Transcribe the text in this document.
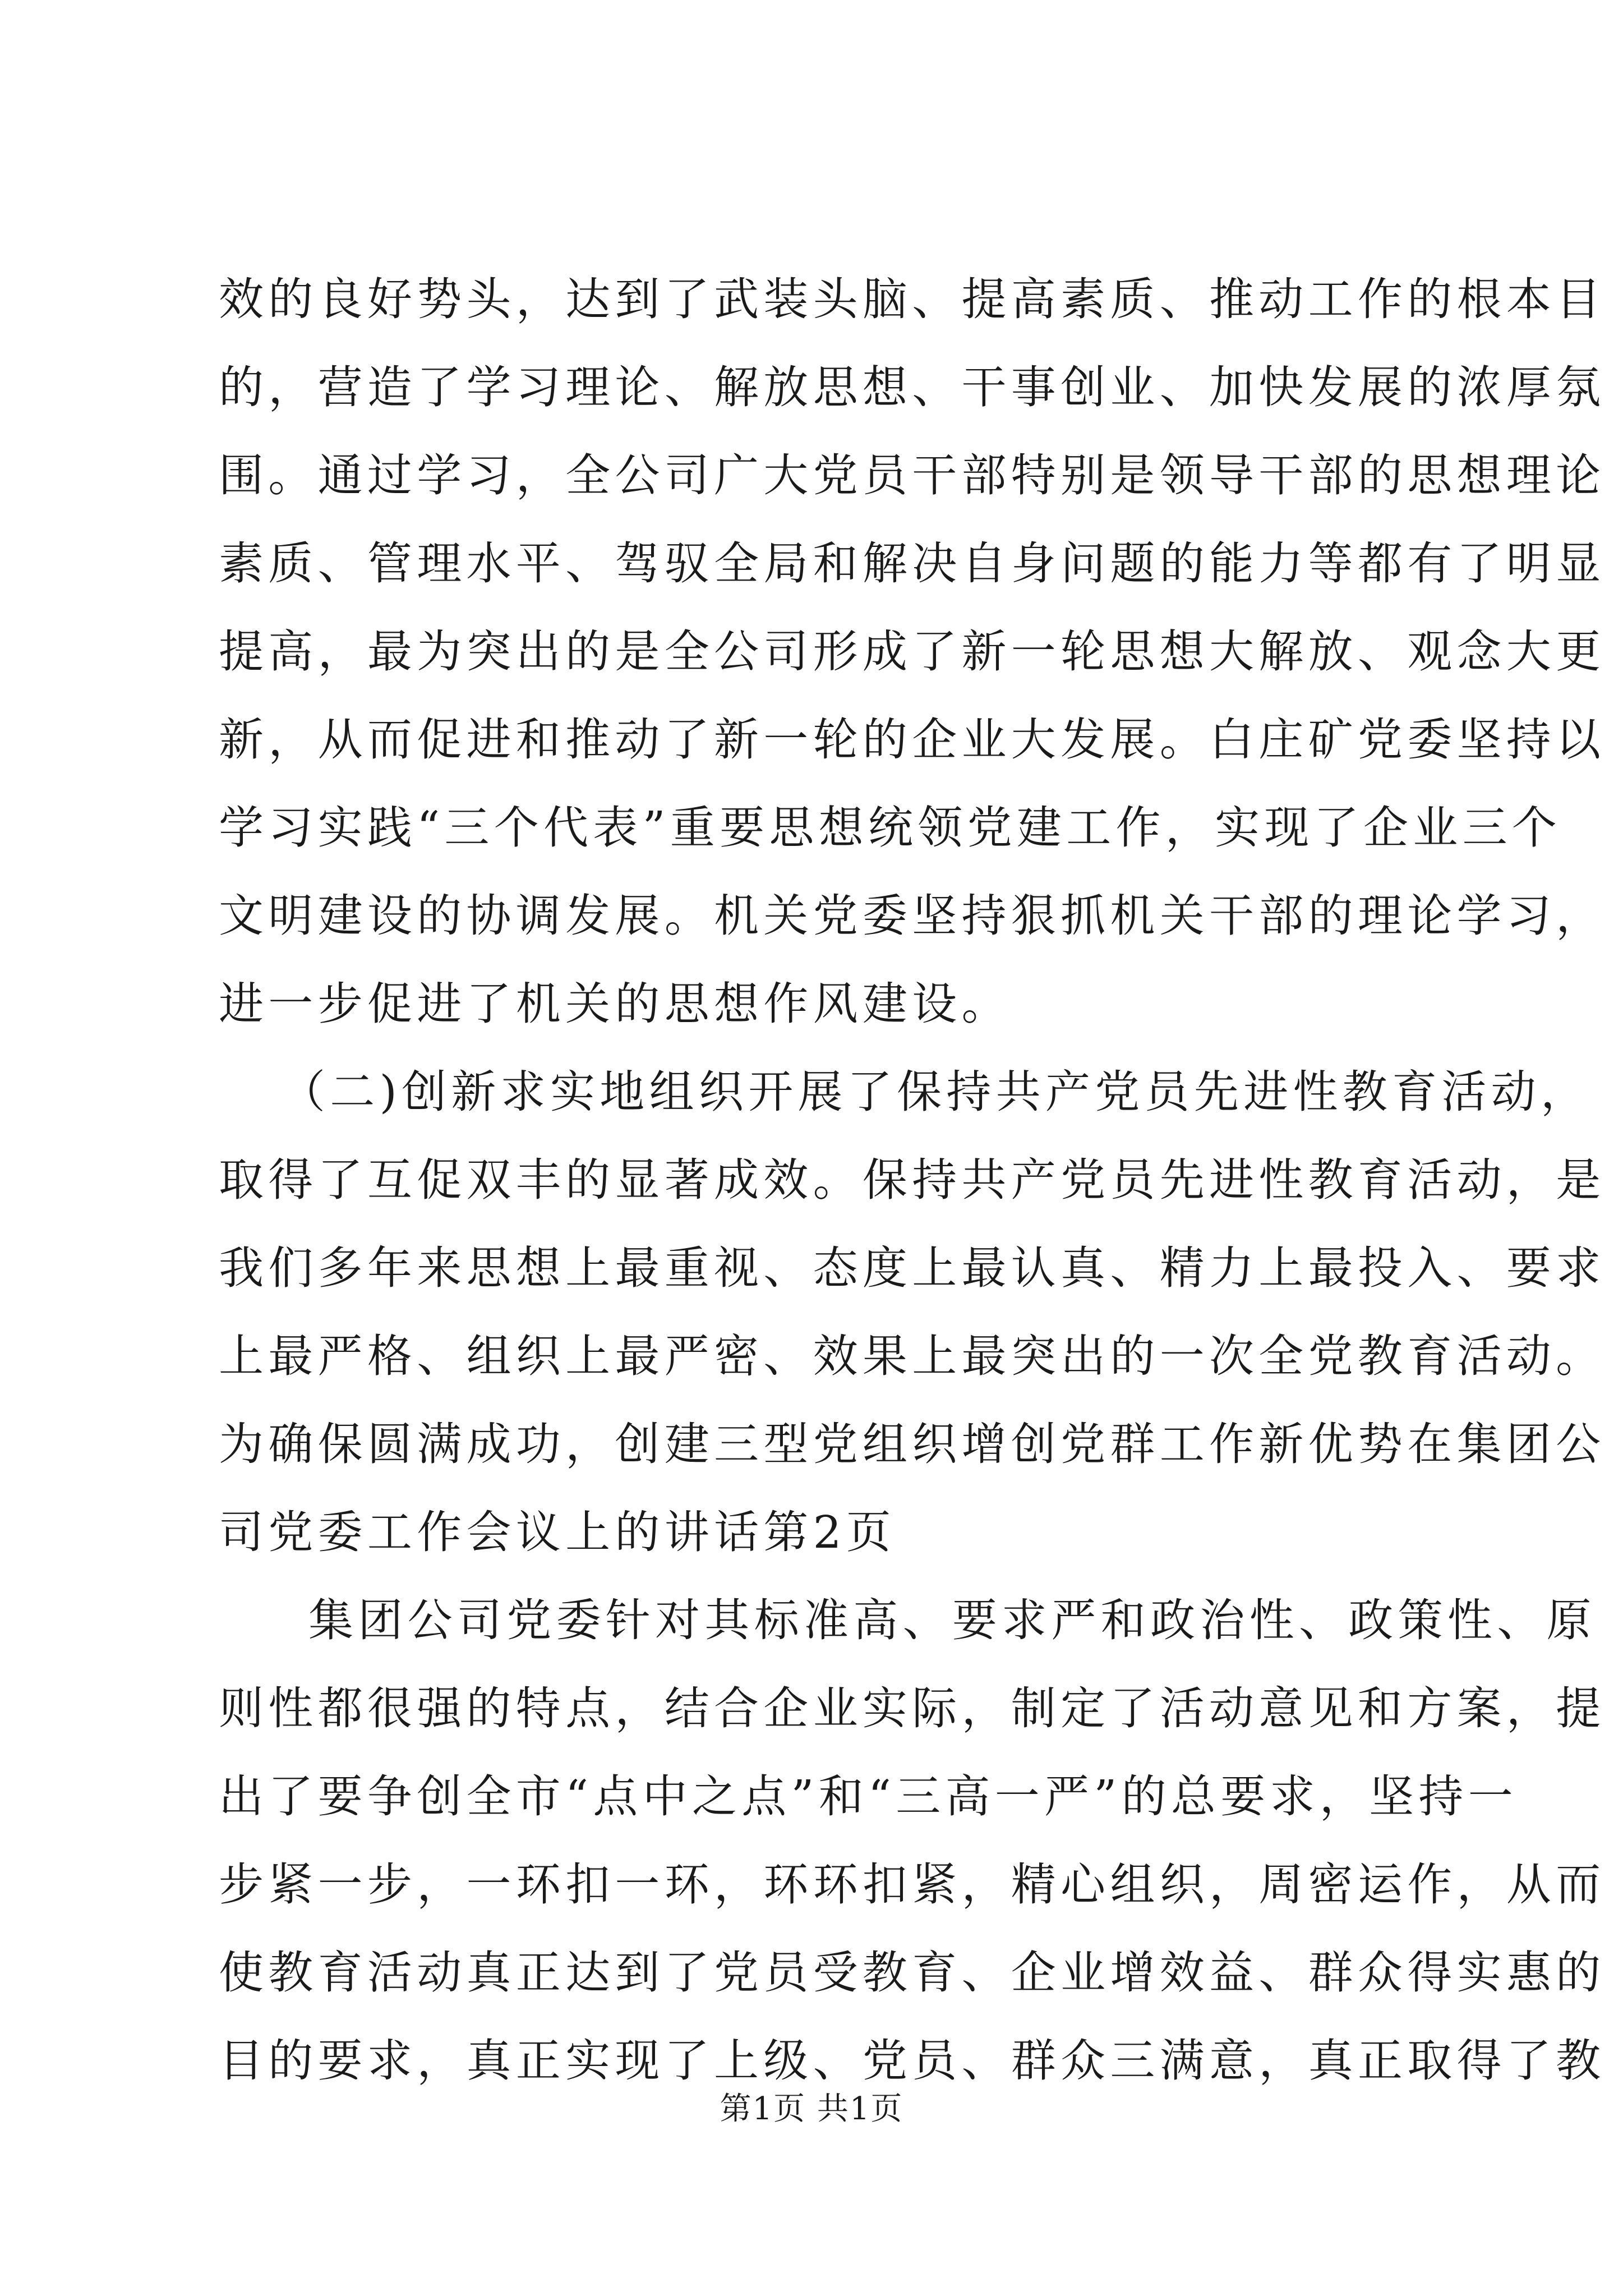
效的良好势头，达到了武装头脑、提高素质、推动工作的根本目
的，营造了学习理论、解放思想、干事创业、加快发展的浓厚氛
围。通过学习，全公司广大党员干部特别是领导干部的思想理论
素质、管理水平、驾驭全局和解决自身问题的能力等都有了明显
提高，最为突出的是全公司形成了新一轮思想大解放、观念大更
新，从而促进和推动了新一轮的企业大发展。白庄矿党委坚持以
学习实践“三个代表”重要思想统领党建工作，实现了企业三个
文明建设的协调发展。机关党委坚持狠抓机关干部的理论学习，
进一步促进了机关的思想作风建设。
（二)创新求实地组织开展了保持共产党员先进性教育活动，
取得了互促双丰的显著成效。保持共产党员先进性教育活动，是
我们多年来思想上最重视、态度上最认真、精力上最投入、要求
上最严格、组织上最严密、效果上最突出的一次全党教育活动。
为确保圆满成功，创建三型党组织增创党群工作新优势在集团公
司党委工作会议上的讲话第2页
集团公司党委针对其标准高、要求严和政治性、政策性、原
则性都很强的特点，结合企业实际，制定了活动意见和方案，提
出了要争创全市“点中之点”和“三高一严”的总要求，坚持一
步紧一步，一环扣一环，环环扣紧，精心组织，周密运作，从而
使教育活动真正达到了党员受教育、企业增效益、群众得实惠的
目的要求，真正实现了上级、党员、群众三满意，真正取得了教
第1页 共1页
